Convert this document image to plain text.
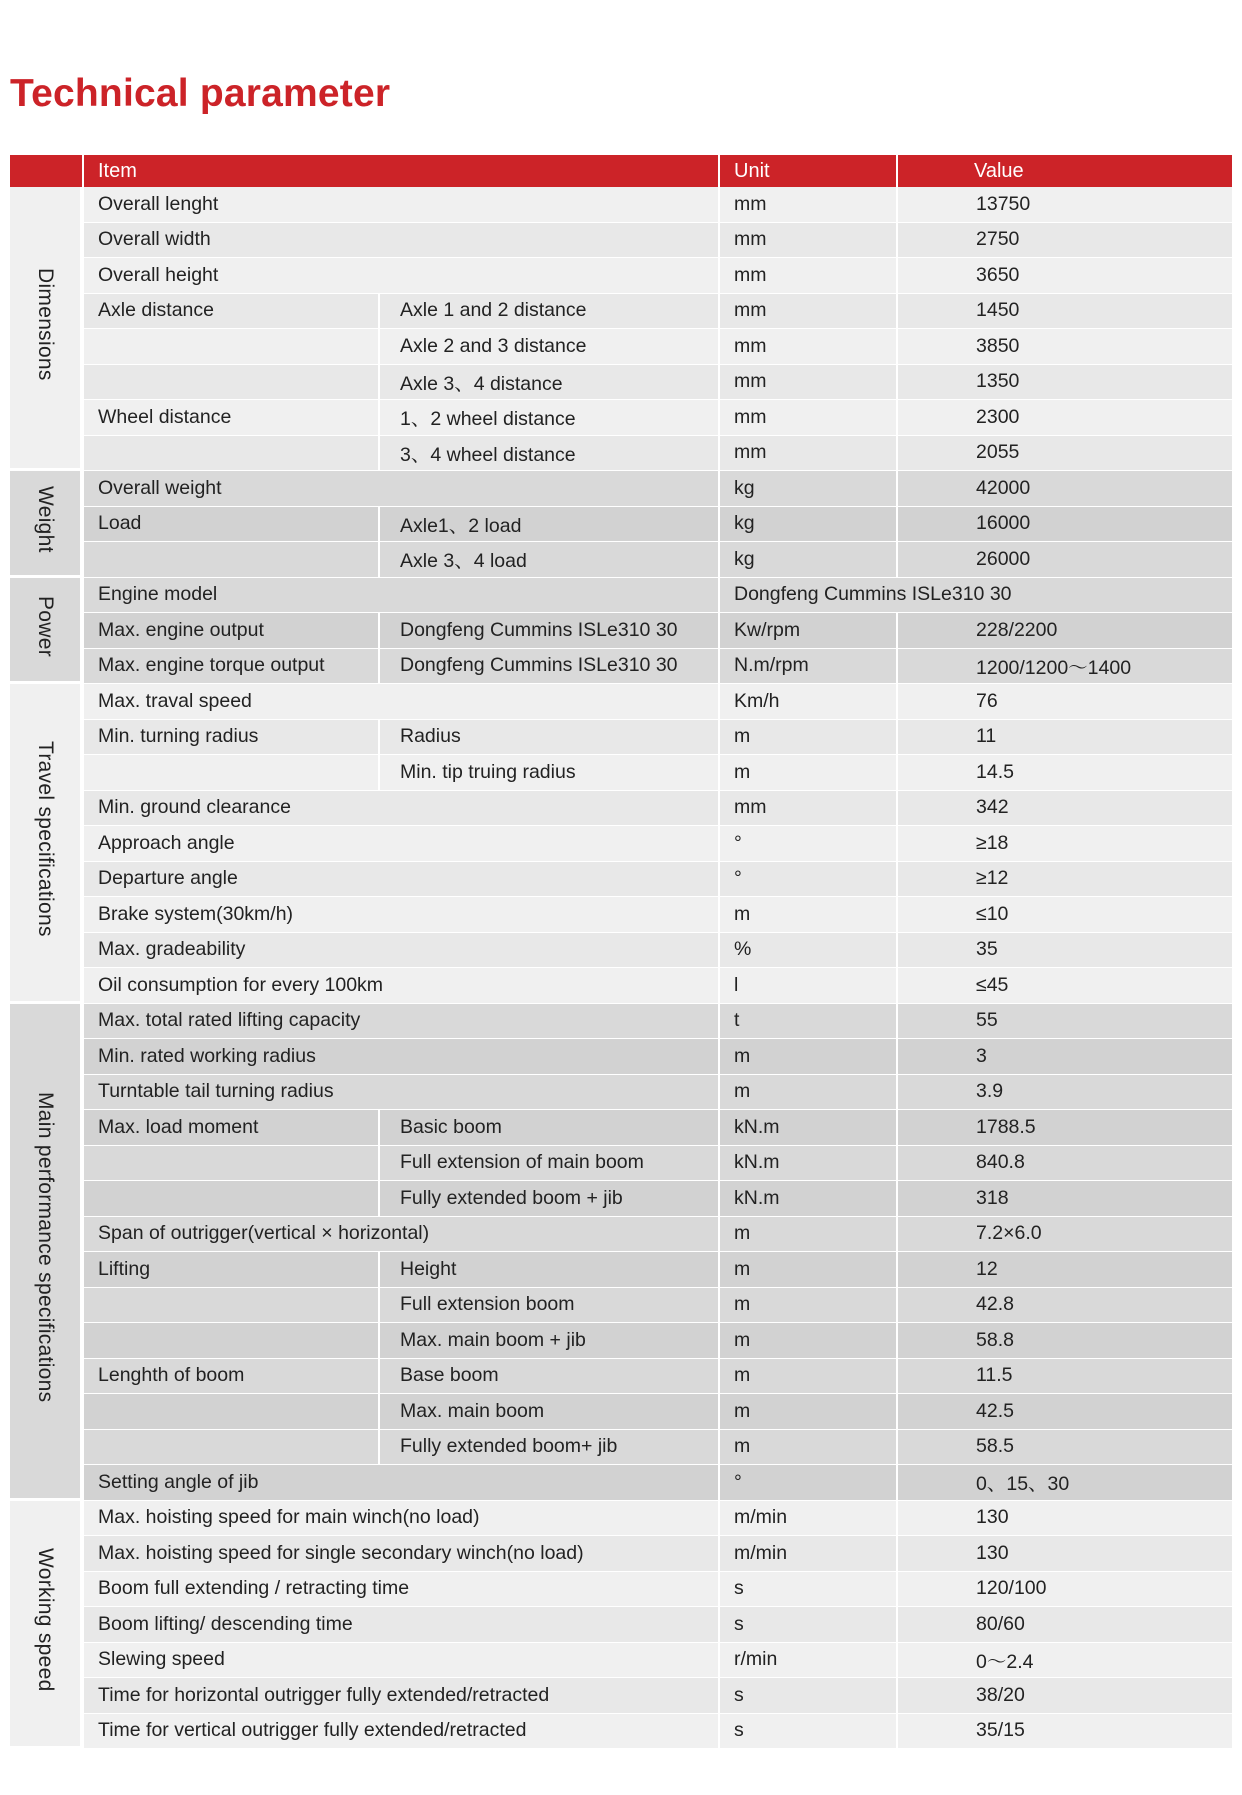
Technical parameter
	Item		Unit	Value
Dimensions	Overall lenght		mm	13750
	Overall width		mm	2750
	Overall height		mm	3650
	Axle distance	Axle 1 and 2 distance	mm	1450
		Axle 2 and 3 distance	mm	3850
		Axle 3、4 distance	mm	1350
	Wheel distance	1、2 wheel distance	mm	2300
		3、4 wheel distance	mm	2055
Weight	Overall weight		kg	42000
	Load	Axle1、2 load	kg	16000
		Axle 3、4 load	kg	26000
Power	Engine model		Dongfeng Cummins ISLe310 30	
	Max. engine output	Dongfeng Cummins ISLe310 30	Kw/rpm	228/2200
	Max. engine torque output	Dongfeng Cummins ISLe310 30	N.m/rpm	1200/1200～1400
Travel specifications	Max. traval speed		Km/h	76
	Min. turning radius	Radius	m	11
		Min. tip truing radius	m	14.5
	Min. ground clearance		mm	342
	Approach angle		°	≥18
	Departure angle		°	≥12
	Brake system(30km/h)		m	≤10
	Max. gradeability		%	35
	Oil consumption for every 100km		l	≤45
Main performance specifications	Max. total rated lifting capacity		t	55
	Min. rated working radius		m	3
	Turntable tail turning radius		m	3.9
	Max. load moment	Basic boom	kN.m	1788.5
		Full extension of main boom	kN.m	840.8
		Fully extended boom + jib	kN.m	318
	Span of outrigger(vertical × horizontal)		m	7.2×6.0
	Lifting	Height	m	12
		Full extension boom	m	42.8
		Max. main boom + jib	m	58.8
	Lenghth of boom	Base boom	m	11.5
		Max. main boom	m	42.5
		Fully extended boom+ jib	m	58.5
	Setting angle of jib		°	0、15、30
Working speed	Max. hoisting speed for main winch(no load)		m/min	130
	Max. hoisting speed for single secondary winch(no load)		m/min	130
	Boom full extending / retracting time		s	120/100
	Boom lifting/ descending time		s	80/60
	Slewing speed		r/min	0～2.4
	Time for horizontal outrigger fully extended/retracted		s	38/20
	Time for vertical outrigger fully extended/retracted		s	35/15
